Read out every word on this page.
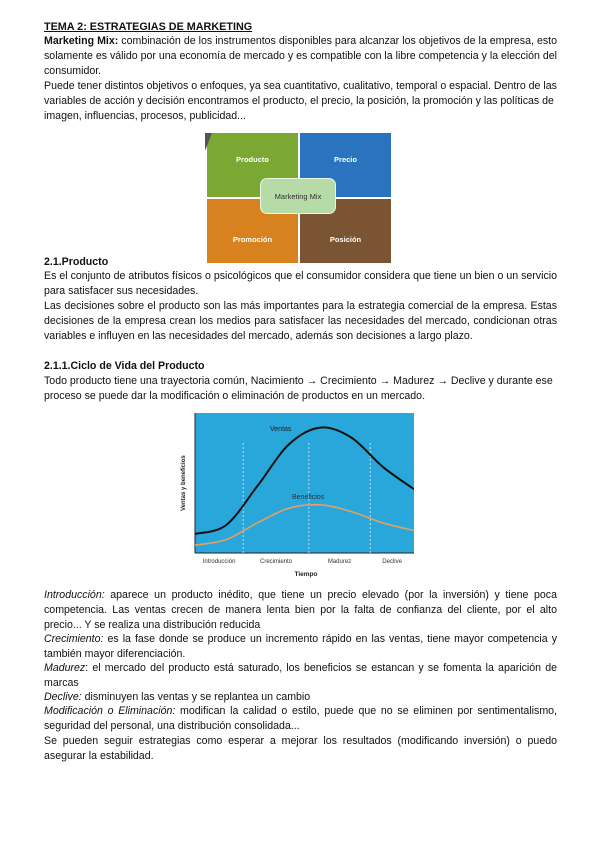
TEMA 2: ESTRATEGIAS DE MARKETING
Marketing Mix: combinación de los instrumentos disponibles para alcanzar los objetivos de la empresa, esto solamente es válido por una economía de mercado y es compatible con la libre competencia y la elección del consumidor.
Puede tener distintos objetivos o enfoques, ya sea cuantitativo, cualitativo, temporal o espacial. Dentro de las variables de acción y decisión encontramos el producto, el precio, la posición, la promoción y las políticas de imagen, influencias, procesos, publicidad...
Producto	Precio
Promoción	Posición
Marketing Mix
2.1.Producto
Es el conjunto de atributos físicos o psicológicos que el consumidor considera que tiene un bien o un servicio para satisfacer sus necesidades.
Las decisiones sobre el producto son las más importantes para la estrategia comercial de la empresa. Estas decisiones de la empresa crean los medios para satisfacer las necesidades del mercado, condicionan otras variables e influyen en las necesidades del mercado, además son decisiones a largo plazo.
2.1.1.Ciclo de Vida del Producto
Todo producto tiene una trayectoria común, Nacimiento → Crecimiento → Madurez → Declive y durante ese proceso se puede dar la modificación o eliminación de productos en un mercado.
Ventas
Beneficios
Ventas y beneficios
Tiempo
Introducción	Crecimiento	Madurez	Declive
Introducción: aparece un producto inédito, que tiene un precio elevado (por la inversión) y tiene poca competencia. Las ventas crecen de manera lenta bien por la falta de confianza del cliente, por el alto precio... Y se realiza una distribución reducida
Crecimiento: es la fase donde se produce un incremento rápido en las ventas, tiene mayor competencia y también mayor diferenciación.
Madurez: el mercado del producto está saturado, los beneficios se estancan y se fomenta la aparición de marcas
Declive: disminuyen las ventas y se replantea un cambio
Modificación o Eliminación: modifican la calidad o estilo, puede que no se eliminen por sentimentalismo, seguridad del personal, una distribución consolidada...
Se pueden seguir estrategias como esperar a mejorar los resultados (modificando inversión) o puedo asegurar la estabilidad.
